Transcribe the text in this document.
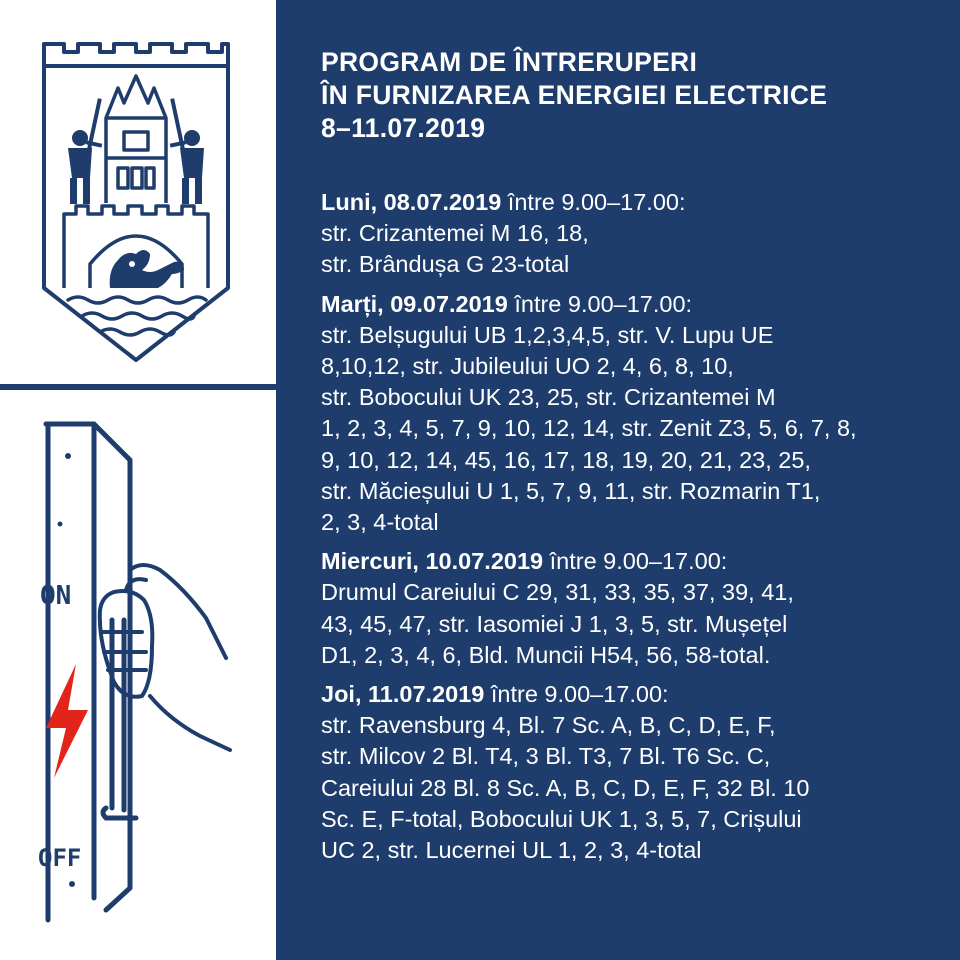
ON
OFF
PROGRAM DE ÎNTRERUPERI
ÎN FURNIZAREA ENERGIEI ELECTRICE
8–11.07.2019
Luni, 08.07.2019 între 9.00–17.00:
str. Crizantemei M 16, 18,
str. Brândușa G 23-total
Marți, 09.07.2019 între 9.00–17.00:
str. Belșugului UB 1,2,3,4,5, str. V. Lupu UE
8,10,12, str. Jubileului UO 2, 4, 6, 8, 10,
str. Bobocului UK 23, 25, str. Crizantemei M
1, 2, 3, 4, 5, 7, 9, 10, 12, 14, str. Zenit Z3, 5, 6, 7, 8,
9, 10, 12, 14, 45, 16, 17, 18, 19, 20, 21, 23, 25,
str. Măcieșului U 1, 5, 7, 9, 11, str. Rozmarin T1,
2, 3, 4-total
Miercuri, 10.07.2019 între 9.00–17.00:
Drumul Careiului C 29, 31, 33, 35, 37, 39, 41,
43, 45, 47, str. Iasomiei J 1, 3, 5, str. Mușețel
D1, 2, 3, 4, 6, Bld. Muncii H54, 56, 58-total.
Joi, 11.07.2019 între 9.00–17.00:
str. Ravensburg 4, Bl. 7 Sc. A, B, C, D, E, F,
str. Milcov 2 Bl. T4, 3 Bl. T3, 7 Bl. T6 Sc. C,
Careiului 28 Bl. 8 Sc. A, B, C, D, E, F, 32 Bl. 10
Sc. E, F-total, Bobocului UK 1, 3, 5, 7, Crișului
UC 2, str. Lucernei UL 1, 2, 3, 4-total
